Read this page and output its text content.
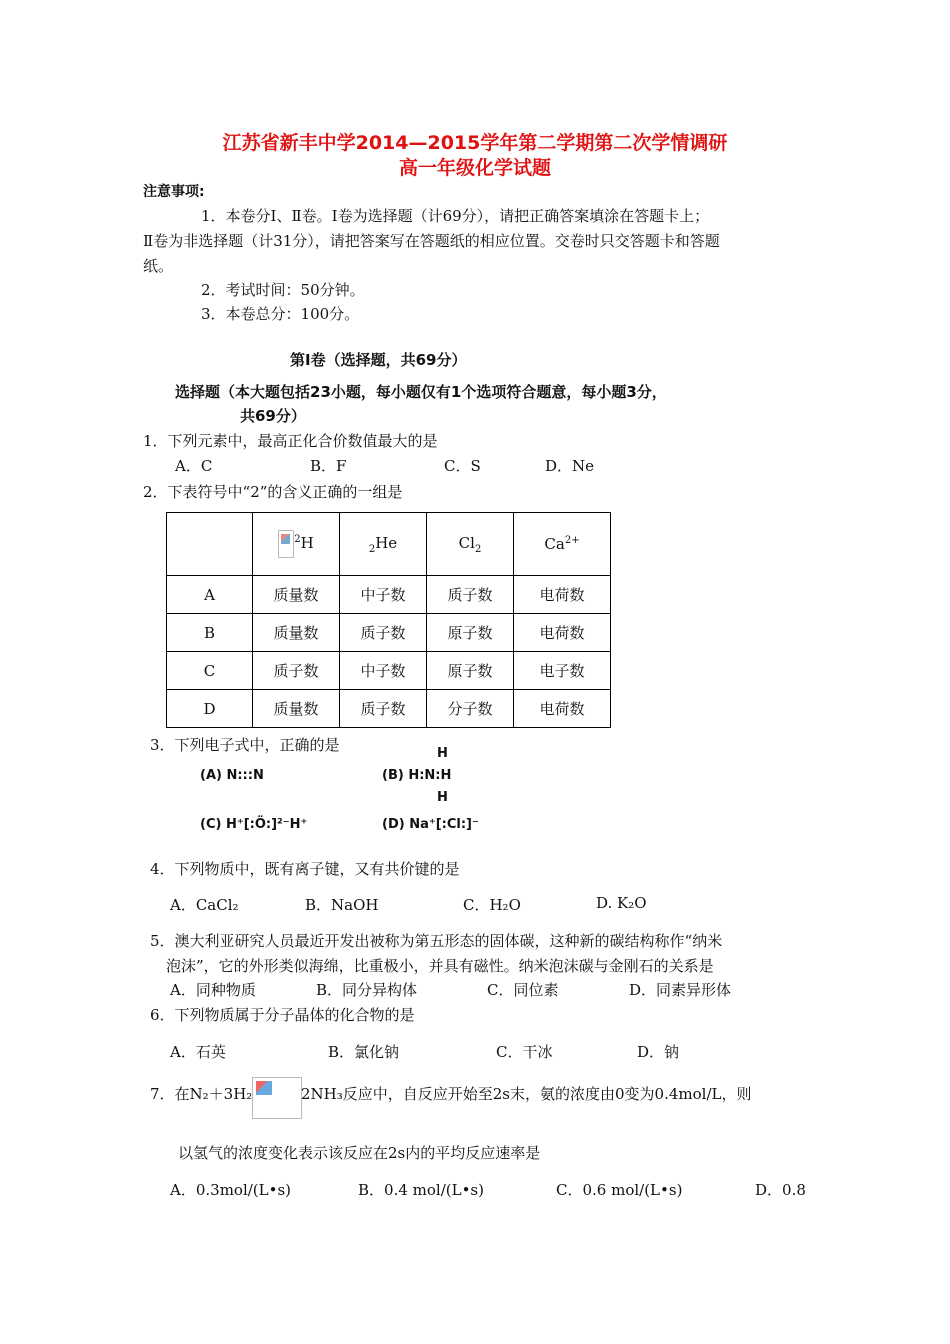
江苏省新丰中学2014—2015学年第二学期第二次学情调研
高一年级化学试题
注意事项:
1．本卷分Ⅰ、Ⅱ卷。Ⅰ卷为选择题（计69分），请把正确答案填涂在答题卡上；
Ⅱ卷为非选择题（计31分），请把答案写在答题纸的相应位置。交卷时只交答题卡和答题
纸。
2．考试时间：50分钟。
3．本卷总分：100分。
第Ⅰ卷（选择题，共69分）
选择题（本大题包括23小题，每小题仅有1个选项符合题意，每小题3分，
共69分）
1．下列元素中，最高正化合价数值最大的是
A．C	B．F	C．S	D．Ne
2．下表符号中“2”的含义正确的一组是
	$^2$H	$_2$He	$Cl_2$	$Ca^{2+}$
A	质量数	中子数	质子数	电荷数
B	质量数	质子数	原子数	电荷数
C	质子数	中子数	原子数	电子数
D	质量数	质子数	分子数	电荷数
3．下列电子式中，正确的是
(A) N:::N
H
(B) H:N:H
H
(C) H⁺[:Ö:]²⁻H⁺	(D) Na⁺[:Cl:]⁻
4．下列物质中，既有离子键，又有共价键的是
A．CaCl₂	B．NaOH	C．H₂O	D. K₂O
5．澳大利亚研究人员最近开发出被称为第五形态的固体碳，这种新的碳结构称作“纳米
泡沫”，它的外形类似海绵，比重极小，并具有磁性。纳米泡沫碳与金刚石的关系是
A．同种物质	B．同分异构体	C．同位素	D．同素异形体
6．下列物质属于分子晶体的化合物的是
A．石英	B．氯化钠	C．干冰	D．钠
7．在N₂＋3H₂	2NH₃反应中，自反应开始至2s末，氨的浓度由0变为0.4mol/L，则
以氢气的浓度变化表示该反应在2s内的平均反应速率是
A．0.3mol/(L•s)	B．0.4 mol/(L•s)	C．0.6 mol/(L•s)	D．0.8
